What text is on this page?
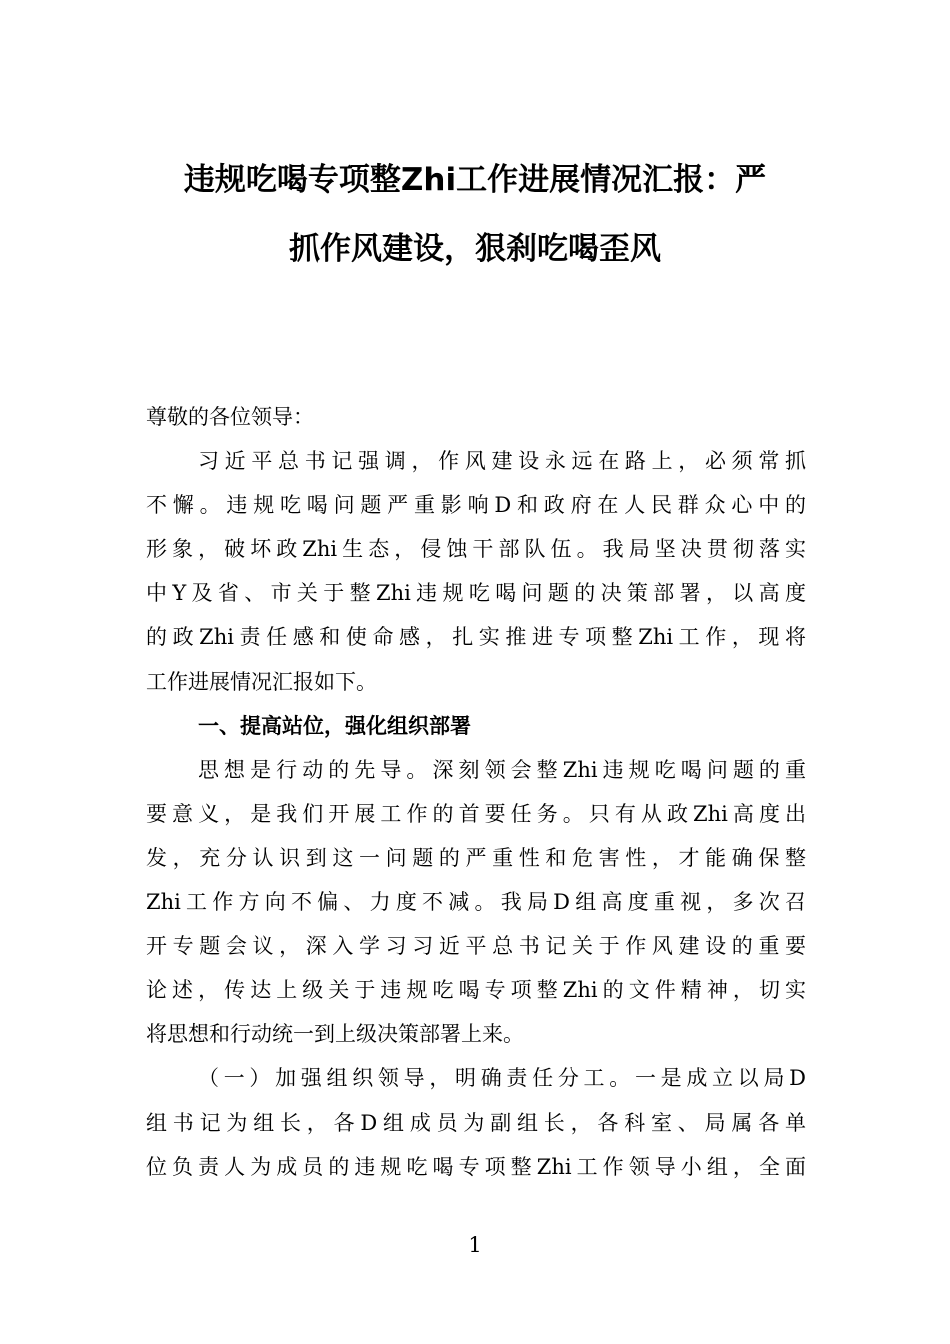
违规吃喝专项整Zhi工作进展情况汇报：严
抓作风建设，狠刹吃喝歪风
尊敬的各位领导：
习近平总书记强调，作风建设永远在路上，必须常抓
不懈。违规吃喝问题严重影响D和政府在人民群众心中的
形象，破坏政Zhi生态，侵蚀干部队伍。我局坚决贯彻落实
中Y及省、市关于整Zhi违规吃喝问题的决策部署，以高度
的政Zhi责任感和使命感，扎实推进专项整Zhi工作，现将
工作进展情况汇报如下。
一、提高站位，强化组织部署
思想是行动的先导。深刻领会整Zhi违规吃喝问题的重
要意义，是我们开展工作的首要任务。只有从政Zhi高度出
发，充分认识到这一问题的严重性和危害性，才能确保整
Zhi工作方向不偏、力度不减。我局D组高度重视，多次召
开专题会议，深入学习习近平总书记关于作风建设的重要
论述，传达上级关于违规吃喝专项整Zhi的文件精神，切实
将思想和行动统一到上级决策部署上来。
（一）加强组织领导，明确责任分工。一是成立以局D
组书记为组长，各D组成员为副组长，各科室、局属各单
位负责人为成员的违规吃喝专项整Zhi工作领导小组，全面
1
